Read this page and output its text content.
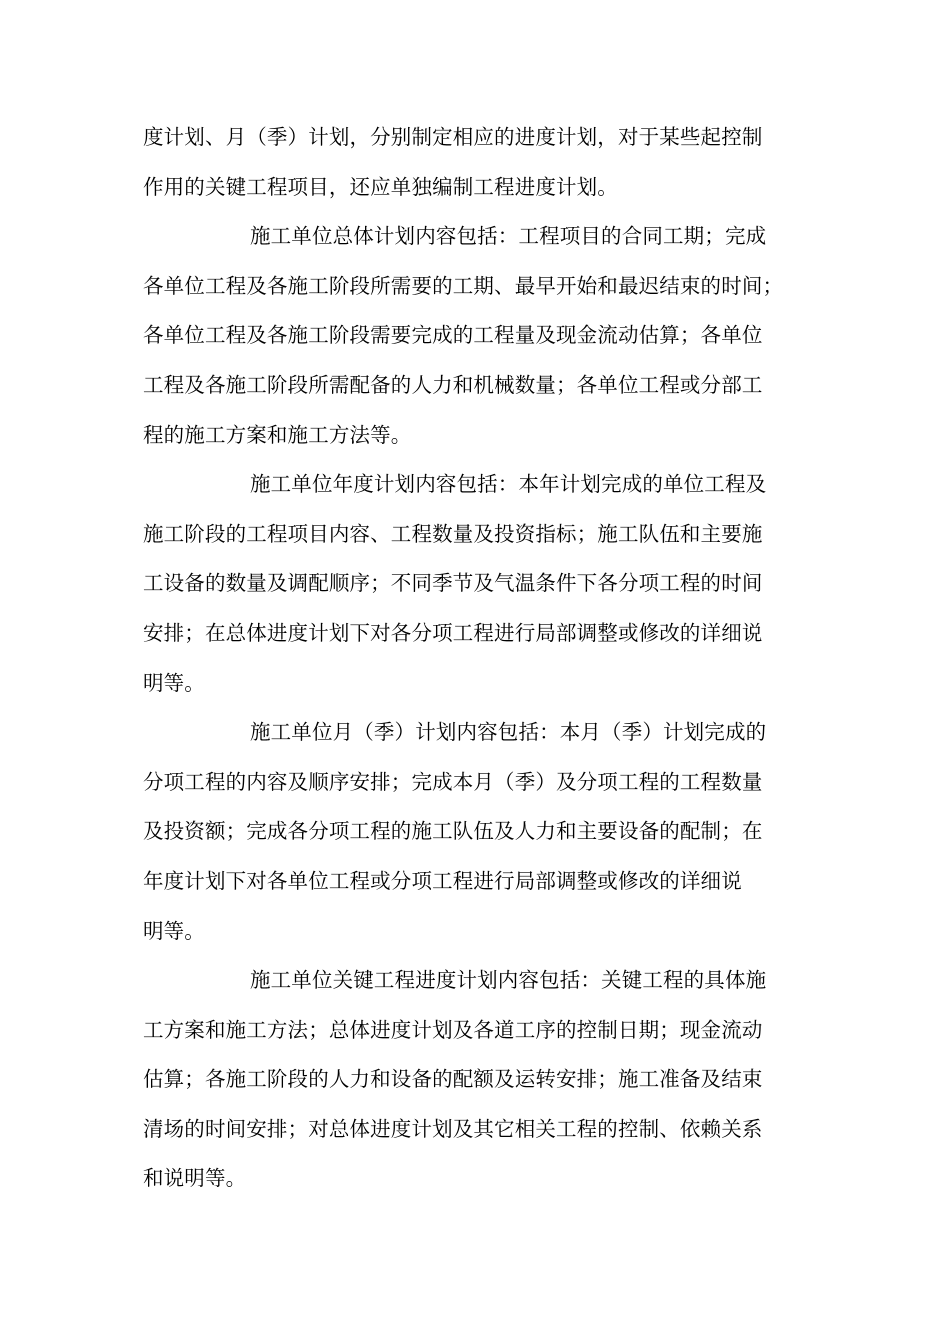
度计划、月（季）计划，分别制定相应的进度计划，对于某些起控制
作用的关键工程项目，还应单独编制工程进度计划。
施工单位总体计划内容包括：工程项目的合同工期；完成
各单位工程及各施工阶段所需要的工期、最早开始和最迟结束的时间；
各单位工程及各施工阶段需要完成的工程量及现金流动估算；各单位
工程及各施工阶段所需配备的人力和机械数量；各单位工程或分部工
程的施工方案和施工方法等。
施工单位年度计划内容包括：本年计划完成的单位工程及
施工阶段的工程项目内容、工程数量及投资指标；施工队伍和主要施
工设备的数量及调配顺序；不同季节及气温条件下各分项工程的时间
安排；在总体进度计划下对各分项工程进行局部调整或修改的详细说
明等。
施工单位月（季）计划内容包括：本月（季）计划完成的
分项工程的内容及顺序安排；完成本月（季）及分项工程的工程数量
及投资额；完成各分项工程的施工队伍及人力和主要设备的配制；在
年度计划下对各单位工程或分项工程进行局部调整或修改的详细说
明等。
施工单位关键工程进度计划内容包括：关键工程的具体施
工方案和施工方法；总体进度计划及各道工序的控制日期；现金流动
估算；各施工阶段的人力和设备的配额及运转安排；施工准备及结束
清场的时间安排；对总体进度计划及其它相关工程的控制、依赖关系
和说明等。
